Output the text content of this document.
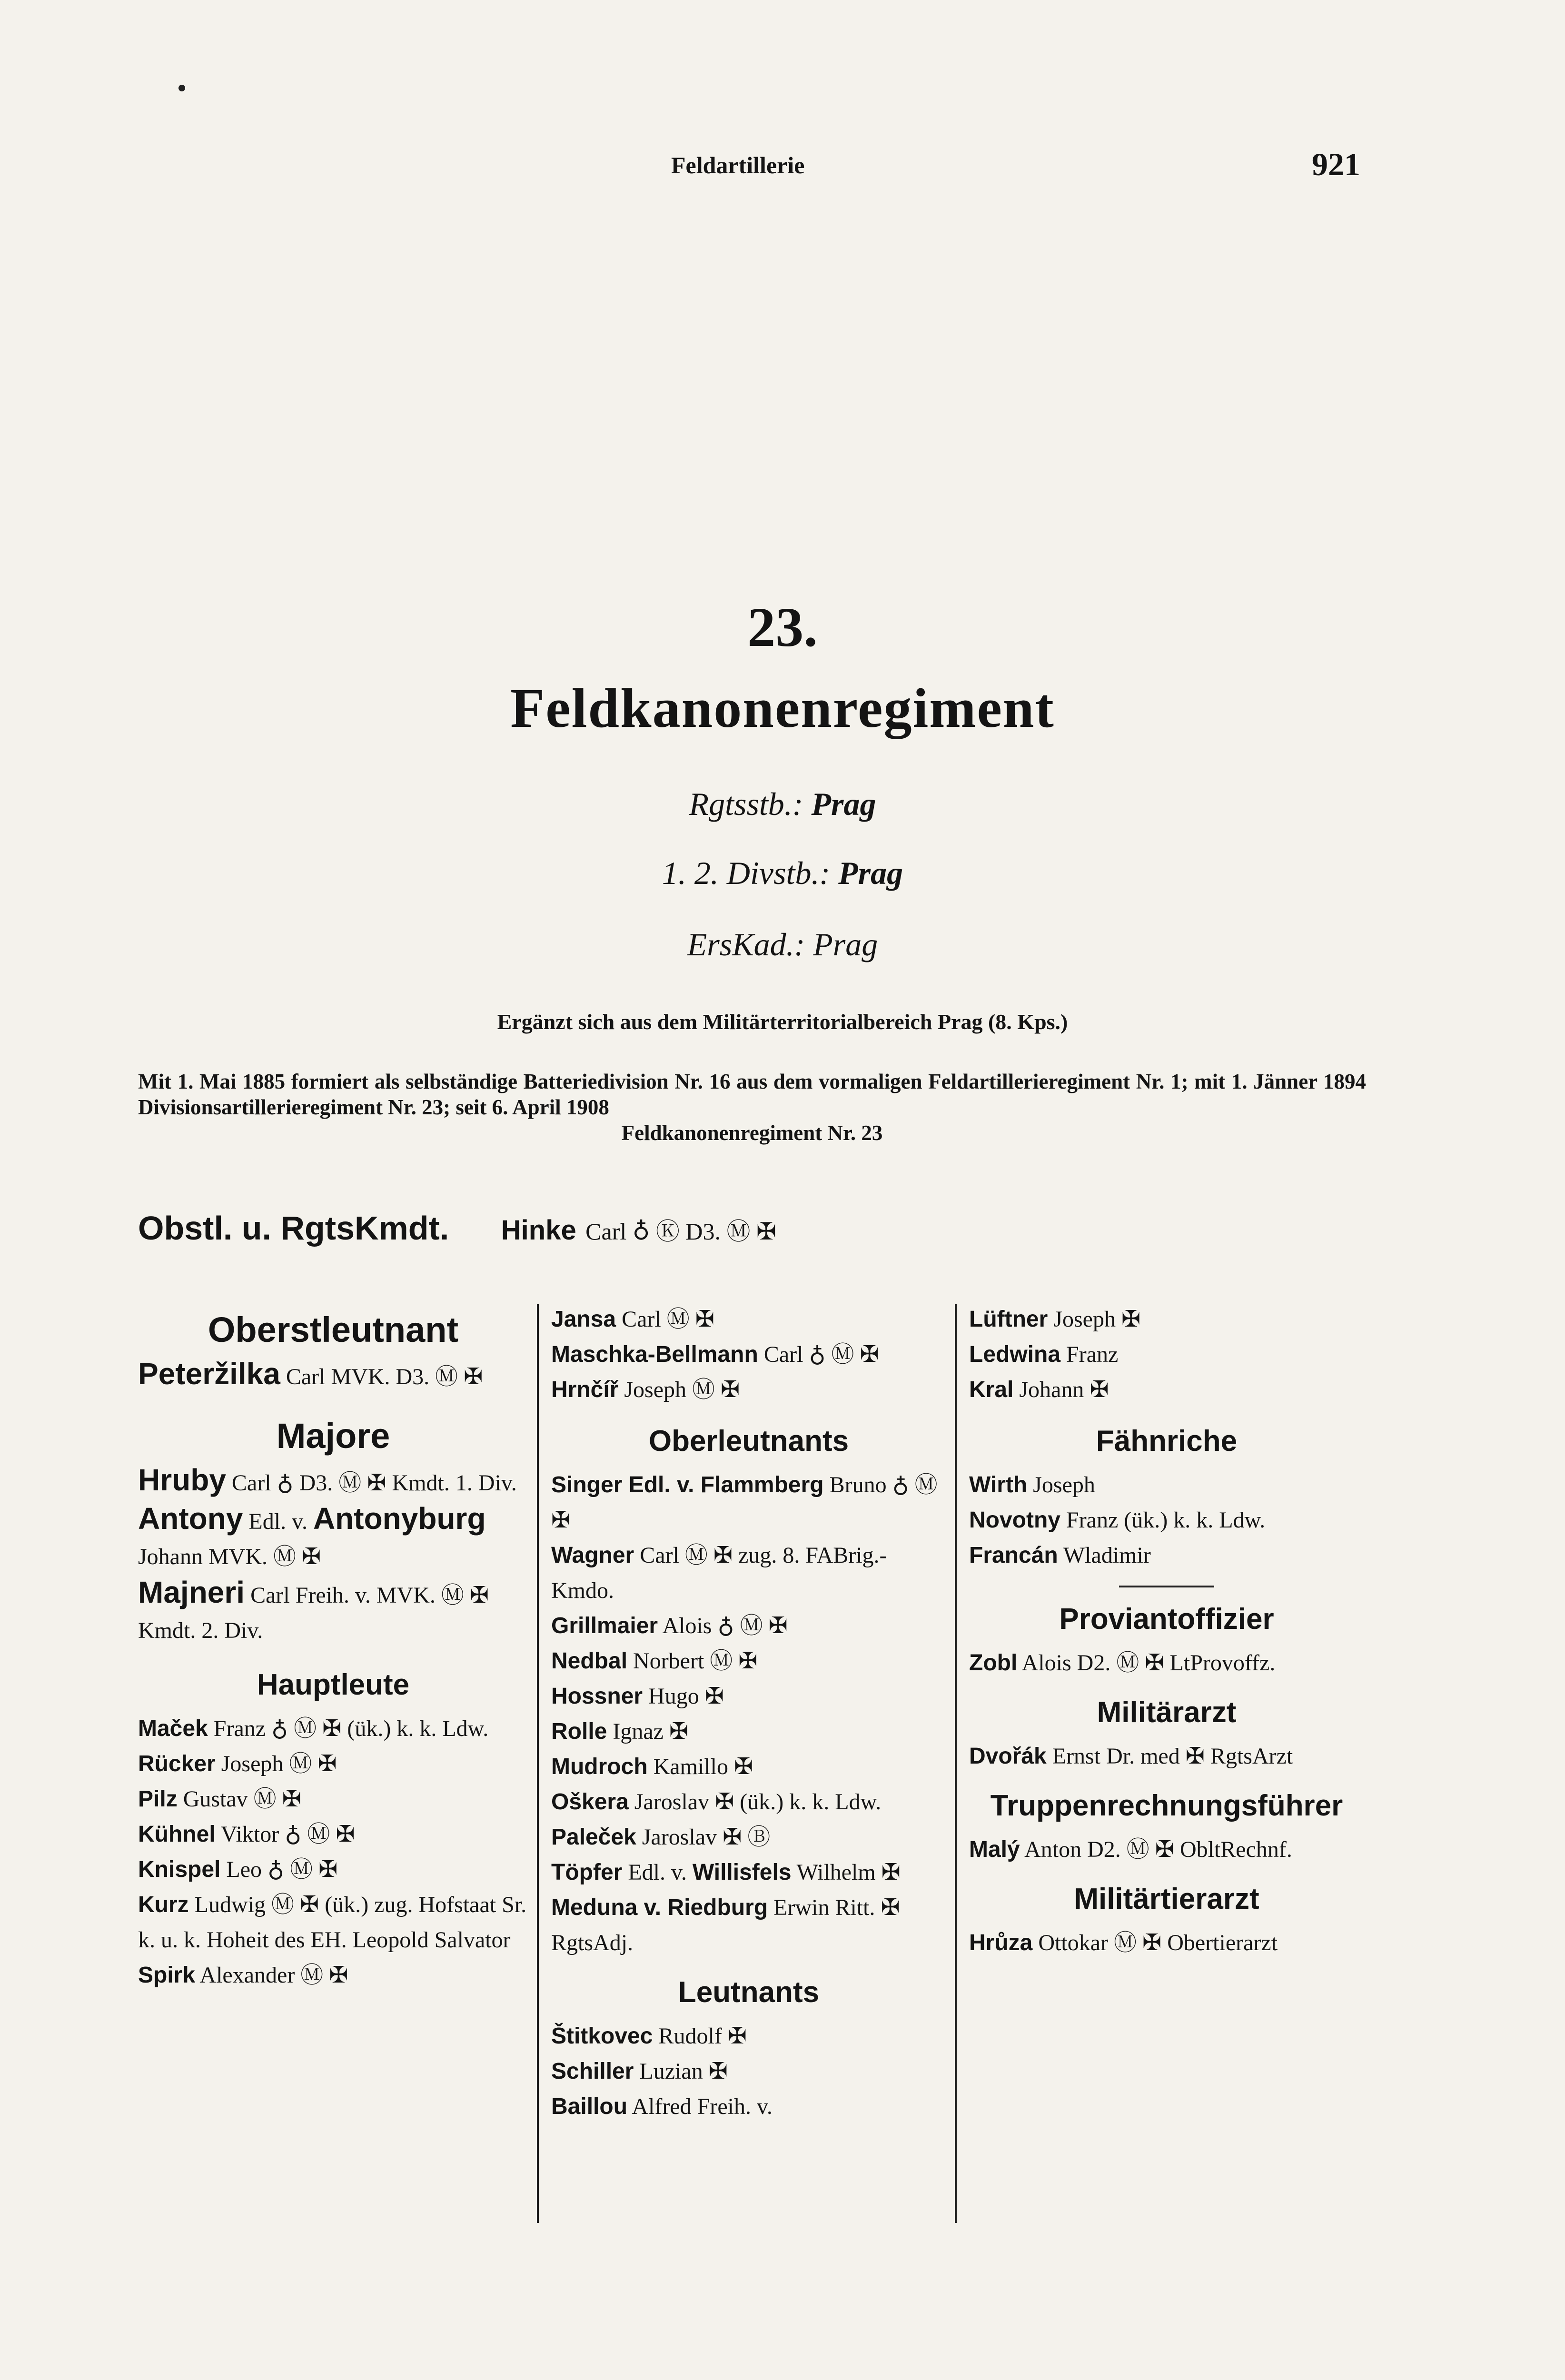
Feldartillerie	921
23.
Feldkanonenregiment
Rgtsstb.: Prag
1. 2. Divstb.: Prag
ErsKad.: Prag
Ergänzt sich aus dem Militärterritorialbereich Prag (8. Kps.)
Mit 1. Mai 1885 formiert als selbständige Batteriedivision Nr. 16 aus dem vormaligen Feldartillerieregiment Nr. 1; mit 1. Jänner 1894 Divisionsartillerieregiment Nr. 23; seit 6. April 1908
Feldkanonenregiment Nr. 23
Obstl. u. RgtsKmdt. Hinke Carl ♁ Ⓚ D3. Ⓜ ✠
Oberstleutnant

Peteržilka Carl MVK. D3. Ⓜ ✠

Majore

Hruby Carl ♁ D3. Ⓜ ✠ Kmdt. 1. Div.

Antony Edl. v. Antonyburg Johann MVK. Ⓜ ✠

Majneri Carl Freih. v. MVK. Ⓜ ✠ Kmdt. 2. Div.

Hauptleute

Maček Franz ♁ Ⓜ ✠ (ük.) k. k. Ldw.

Rücker Joseph Ⓜ ✠

Pilz Gustav Ⓜ ✠

Kühnel Viktor ♁ Ⓜ ✠

Knispel Leo ♁ Ⓜ ✠

Kurz Ludwig Ⓜ ✠ (ük.) zug. Hofstaat Sr. k. u. k. Hoheit des EH. Leopold Salvator

Spirk Alexander Ⓜ ✠

Jansa Carl Ⓜ ✠

Maschka-Bellmann Carl ♁ Ⓜ ✠

Hrnčíř Joseph Ⓜ ✠

Oberleutnants

Singer Edl. v. Flammberg Bruno ♁ Ⓜ ✠

Wagner Carl Ⓜ ✠ zug. 8. FABrig.-Kmdo.

Grillmaier Alois ♁ Ⓜ ✠

Nedbal Norbert Ⓜ ✠

Hossner Hugo ✠

Rolle Ignaz ✠

Mudroch Kamillo ✠

Oškera Jaroslav ✠ (ük.) k. k. Ldw.

Paleček Jaroslav ✠ Ⓑ

Töpfer Edl. v. Willisfels Wilhelm ✠

Meduna v. Riedburg Erwin Ritt. ✠ RgtsAdj.

Leutnants

Štitkovec Rudolf ✠

Schiller Luzian ✠

Baillou Alfred Freih. v.

Lüftner Joseph ✠

Ledwina Franz

Kral Johann ✠

Fähnriche

Wirth Joseph

Novotny Franz (ük.) k. k. Ldw.

Francán Wladimir

Proviantoffizier

Zobl Alois D2. Ⓜ ✠ LtProvoffz.

Militärarzt

Dvořák Ernst Dr. med ✠ RgtsArzt

Truppenrechnungsführer

Malý Anton D2. Ⓜ ✠ ObltRechnf.

Militärtierarzt

Hrůza Ottokar Ⓜ ✠ Obertierarzt
